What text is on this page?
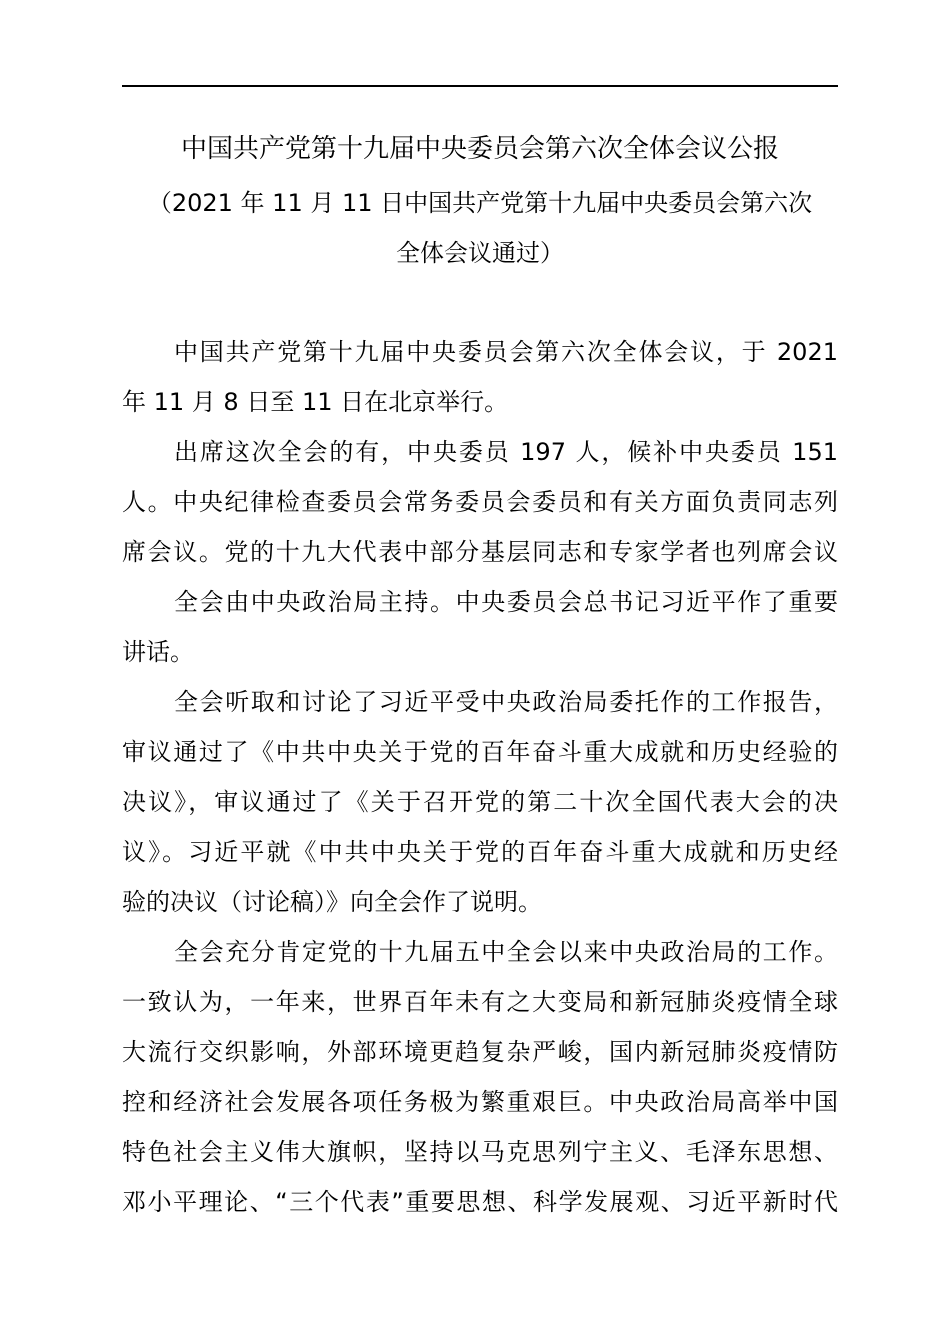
中国共产党第十九届中央委员会第六次全体会议公报
（2021 年 11 月 11 日中国共产党第十九届中央委员会第六次
全体会议通过）
中国共产党第十九届中央委员会第六次全体会议，于 2021
年 11 月 8 日至 11 日在北京举行。
出席这次全会的有，中央委员 197 人，候补中央委员 151
人。中央纪律检查委员会常务委员会委员和有关方面负责同志列
席会议。党的十九大代表中部分基层同志和专家学者也列席会议
全会由中央政治局主持。中央委员会总书记习近平作了重要
讲话。
全会听取和讨论了习近平受中央政治局委托作的工作报告，
审议通过了《中共中央关于党的百年奋斗重大成就和历史经验的
决议》，审议通过了《关于召开党的第二十次全国代表大会的决
议》。习近平就《中共中央关于党的百年奋斗重大成就和历史经
验的决议（讨论稿）》向全会作了说明。
全会充分肯定党的十九届五中全会以来中央政治局的工作。
一致认为，一年来，世界百年未有之大变局和新冠肺炎疫情全球
大流行交织影响，外部环境更趋复杂严峻，国内新冠肺炎疫情防
控和经济社会发展各项任务极为繁重艰巨。中央政治局高举中国
特色社会主义伟大旗帜，坚持以马克思列宁主义、毛泽东思想、
邓小平理论、“三个代表”重要思想、科学发展观、习近平新时代
